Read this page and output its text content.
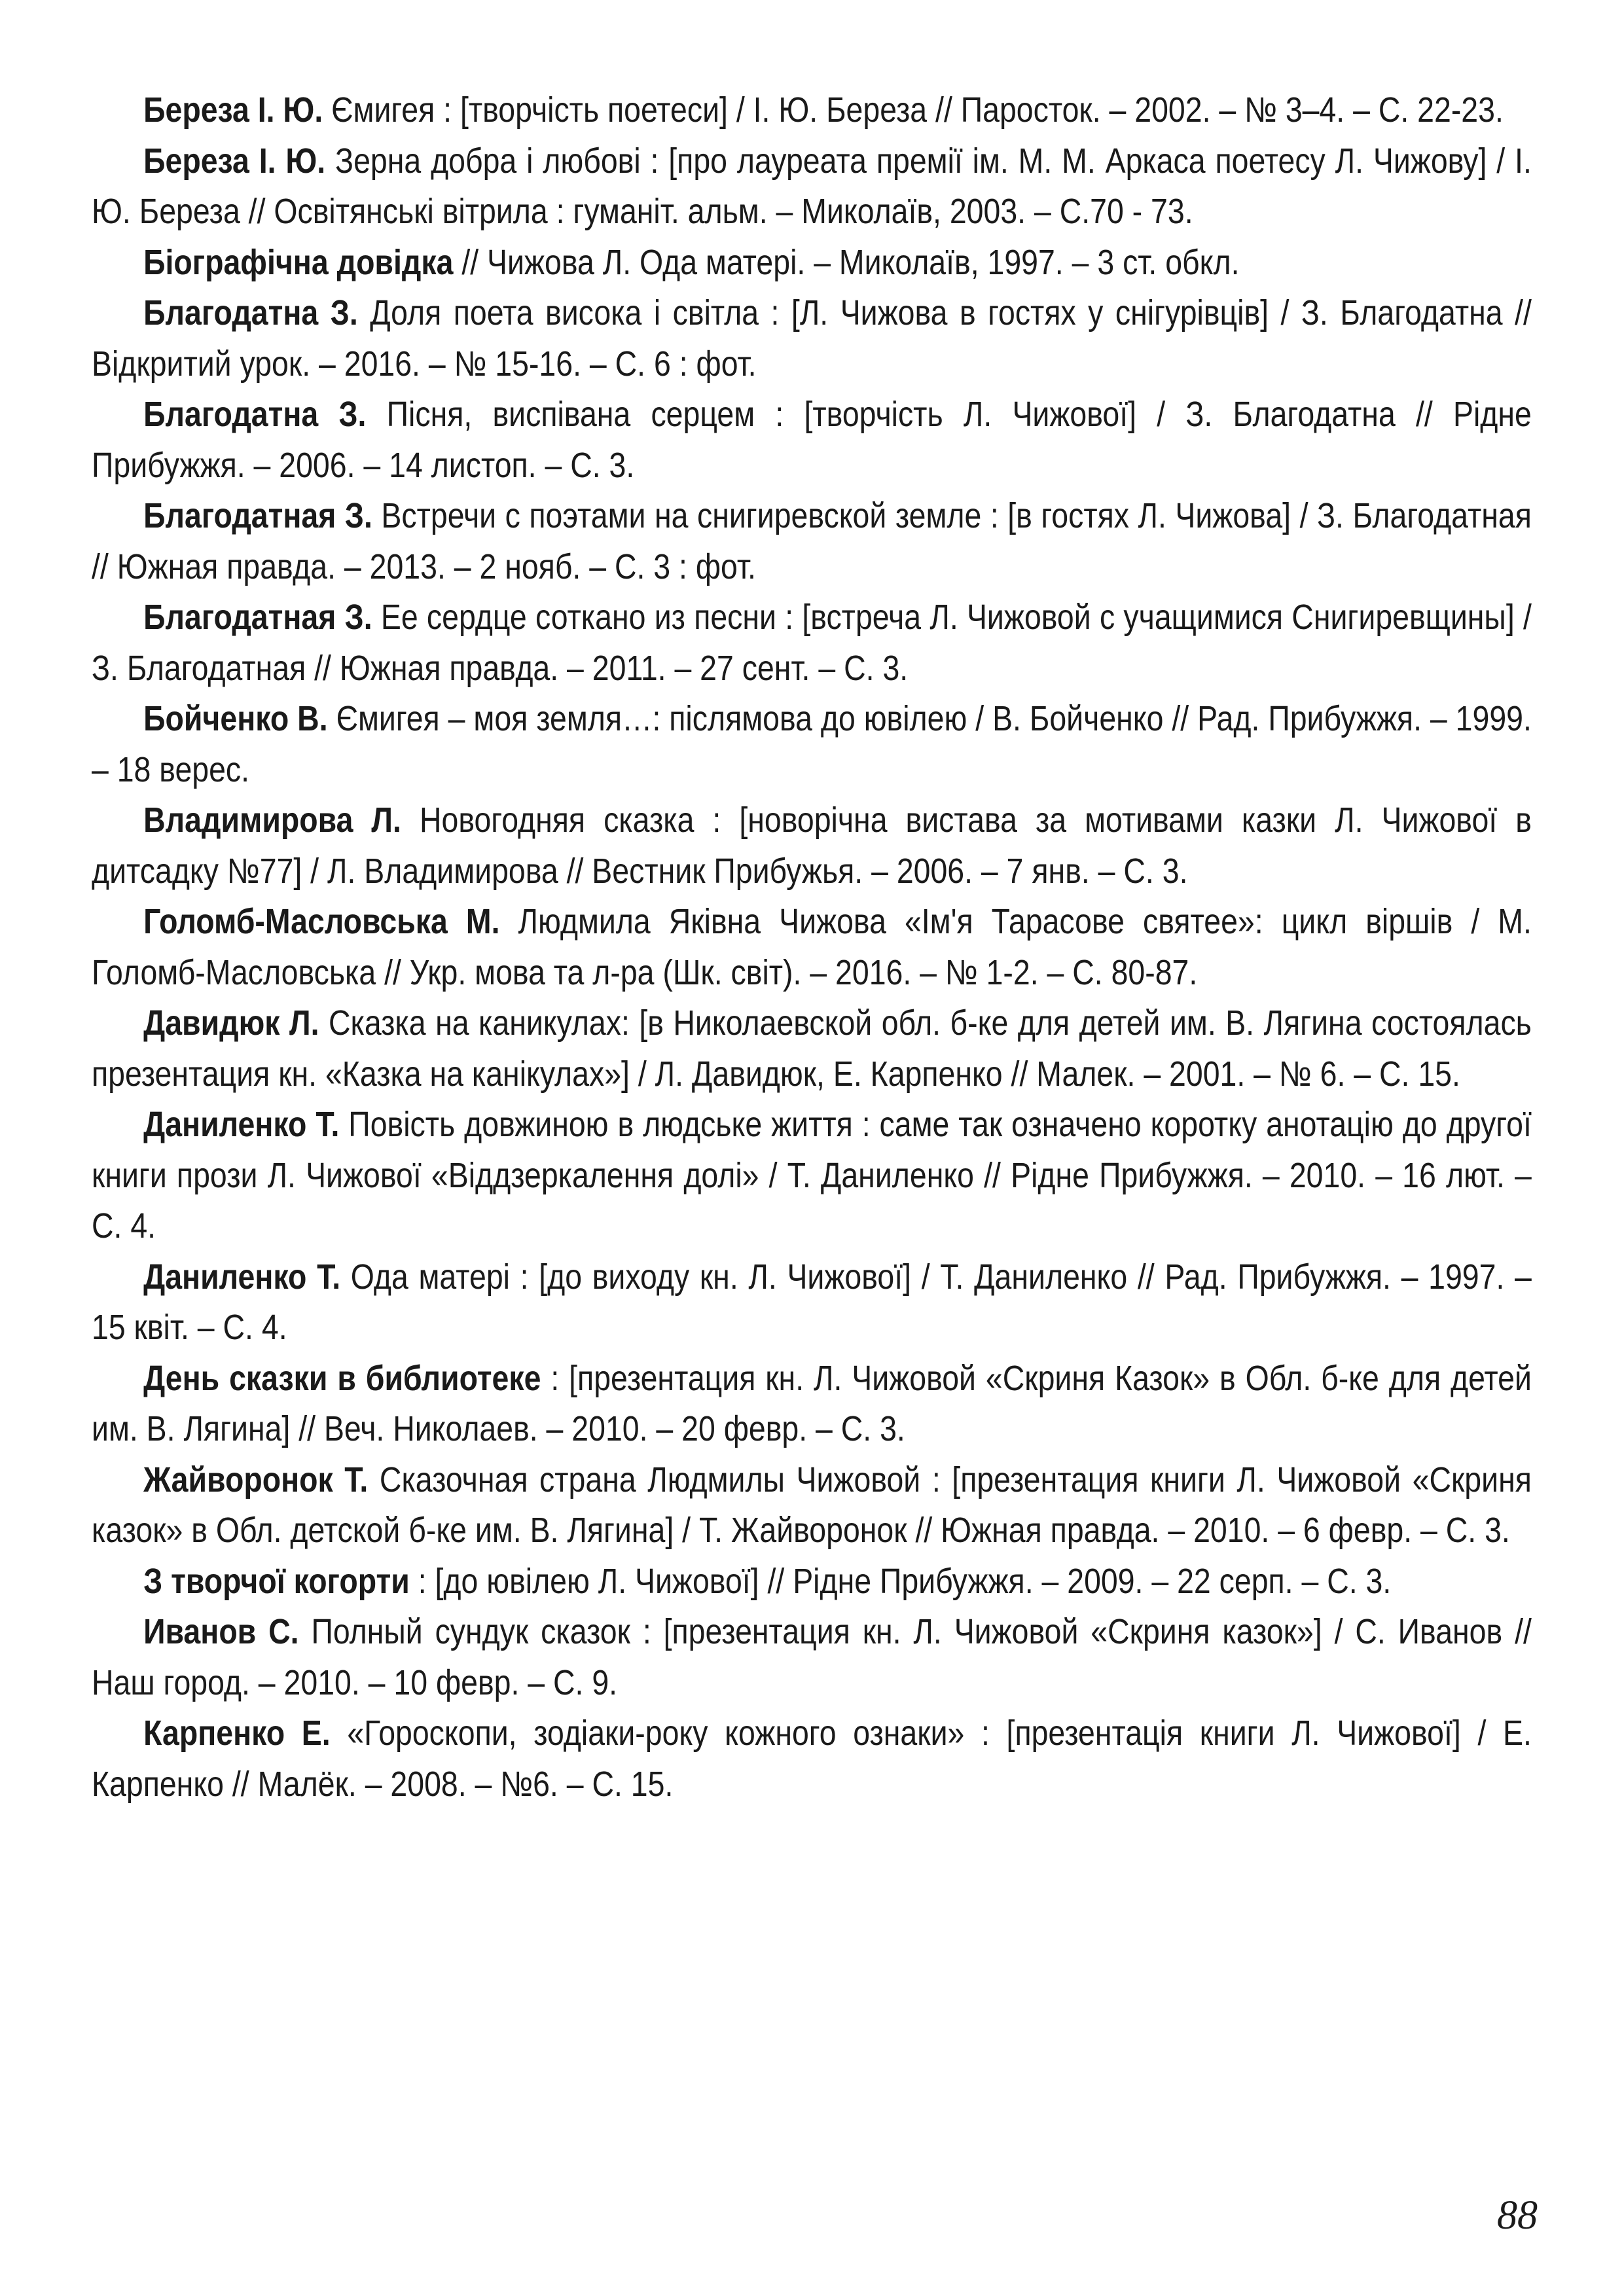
Береза І. Ю. Ємигея : [творчість поетеси] / І. Ю. Береза // Паросток. – 2002. – № 3–4. – С. 22-23.

Береза І. Ю. Зерна добра і любові : [про лауреата премії ім. М. М. Аркаса поетесу Л. Чижову] / І. Ю. Береза // Освітянські вітрила : гуманіт. альм. – Миколаїв, 2003. – С.70 - 73.

Біографічна довідка // Чижова Л. Ода матері. – Миколаїв, 1997. – 3 ст. обкл.

Благодатна З. Доля поета висока і світла : [Л. Чижова в гостях у снігурівців] / З. Благодатна // Відкритий урок. – 2016. – № 15-16. – С. 6 : фот.

Благодатна З. Пісня, виспівана серцем : [творчість Л. Чижової] / З. Благодатна // Рідне Прибужжя. – 2006. – 14 листоп. – С. 3.

Благодатная З. Встречи с поэтами на снигиревской земле : [в гостях Л. Чижова] / З. Благодатная // Южная правда. – 2013. – 2 нояб. – С. 3 : фот.

Благодатная З. Ее сердце соткано из песни : [встреча Л. Чижовой с учащимися Снигиревщины] / З. Благодатная // Южная правда. – 2011. – 27 сент. – С. 3.

Бойченко В. Ємигея – моя земля…: післямова до ювілею / В. Бойченко // Рад. Прибужжя. – 1999. – 18 верес.

Владимирова Л. Новогодняя сказка : [новорічна вистава за мотивами казки Л. Чижової в дитсадку №77] / Л. Владимирова // Вестник Прибужья. – 2006. – 7 янв. – С. 3.

Голомб-Масловська М. Людмила Яківна Чижова «Ім'я Тарасове святее»: цикл віршів / М. Голомб-Масловська // Укр. мова та л-ра (Шк. світ). – 2016. – № 1-2. – С. 80-87.

Давидюк Л. Сказка на каникулах: [в Николаевской обл. б-ке для детей им. В. Лягина состоялась презентация кн. «Казка на канікулах»] / Л. Давидюк, Е. Карпенко // Малек. – 2001. – № 6. – С. 15.

Даниленко Т. Повість довжиною в людське життя : саме так означено коротку анотацію до другої книги прози Л. Чижової «Віддзеркалення долі» / Т. Даниленко // Рідне Прибужжя. – 2010. – 16 лют. – С. 4.

Даниленко Т. Ода матері : [до виходу кн. Л. Чижової] / Т. Даниленко // Рад. Прибужжя. – 1997. – 15 квіт. – С. 4.

День сказки в библиотеке : [презентация кн. Л. Чижовой «Скриня Казок» в Обл. б-ке для детей им. В. Лягина] // Веч. Николаев. – 2010. – 20 февр. – С. 3.

Жайворонок Т. Сказочная страна Людмилы Чижовой : [презентация книги Л. Чижовой «Скриня казок» в Обл. детской б-ке им. В. Лягина] / Т. Жайворонок // Южная правда. – 2010. – 6 февр. – С. 3.

З творчої когорти : [до ювілею Л. Чижової] // Рідне Прибужжя. – 2009. – 22 серп. – С. 3.

Иванов С. Полный сундук сказок : [презентация кн. Л. Чижовой «Скриня казок»] / С. Иванов // Наш город. – 2010. – 10 февр. – С. 9.

Карпенко Е. «Гороскопи, зодіаки-року кожного ознаки» : [презентація книги Л. Чижової] / Е. Карпенко // Малёк. – 2008. – №6. – С. 15.

88
